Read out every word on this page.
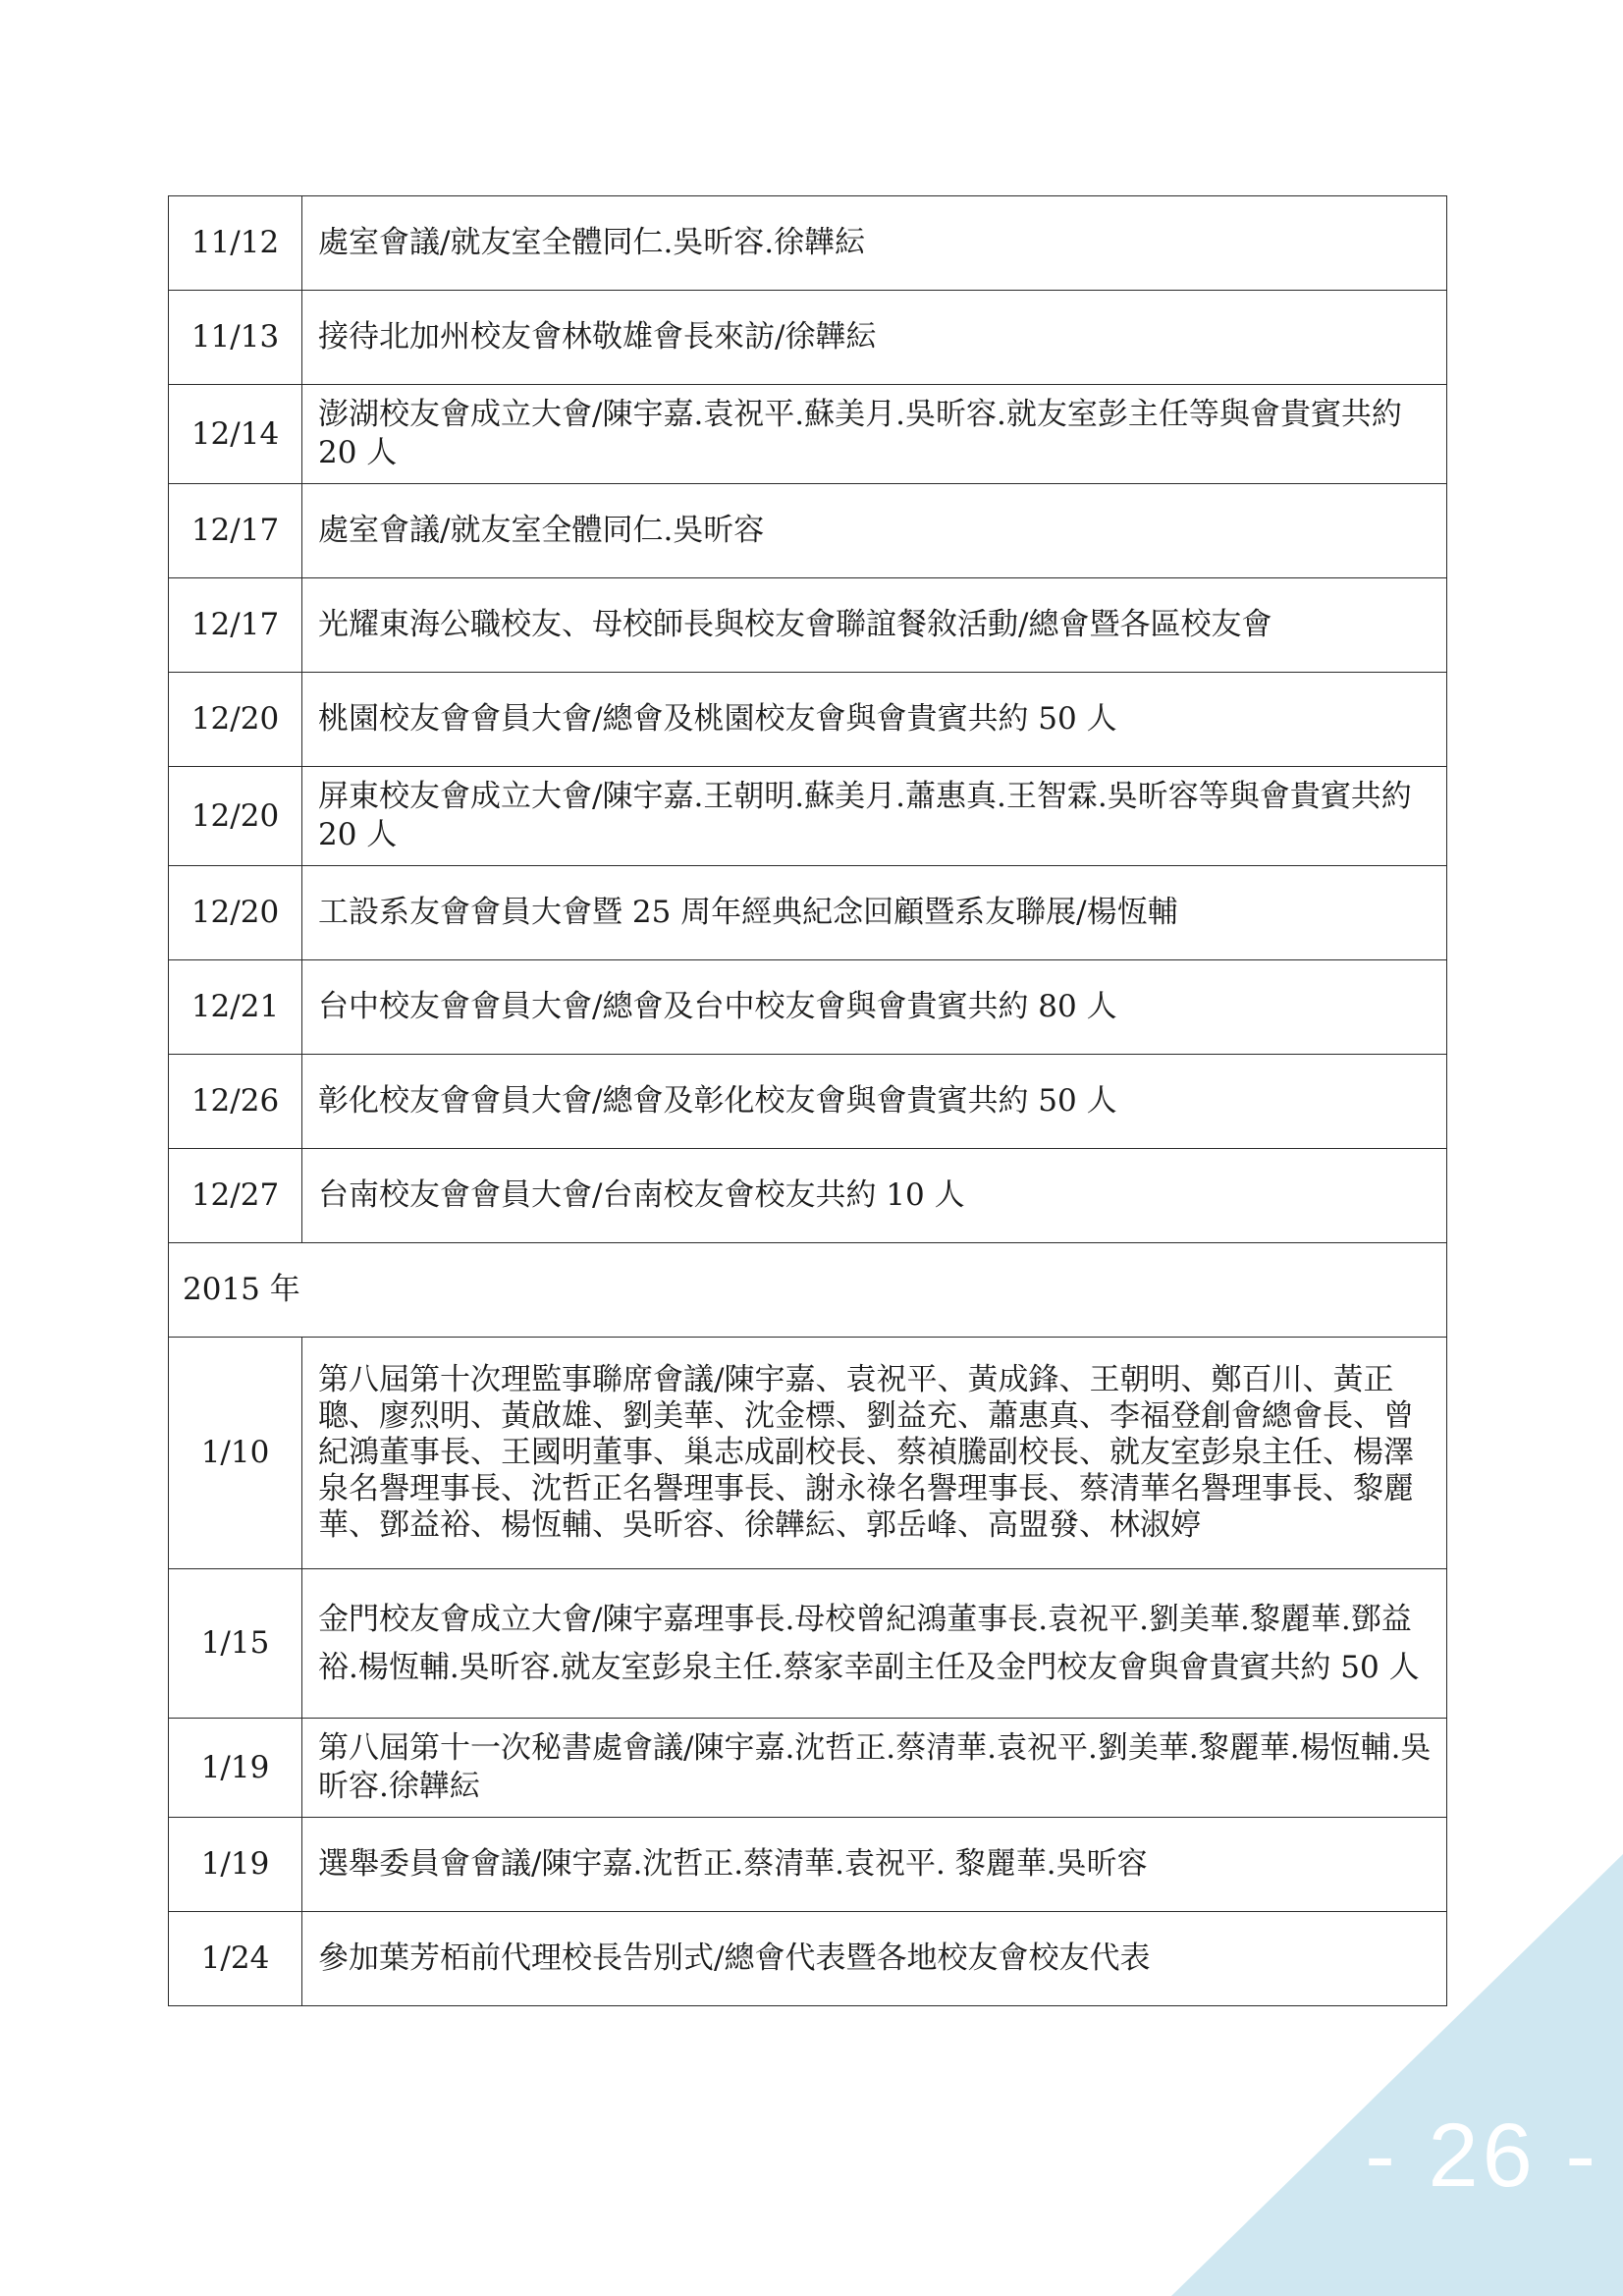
- 26 -
11/12	處室會議/就友室全體同仁.吳昕容.徐韡紜
11/13	接待北加州校友會林敬雄會長來訪/徐韡紜
12/14	澎湖校友會成立大會/陳宇嘉.袁祝平.蘇美月.吳昕容.就友室彭主任等與會貴賓共約 20 人
12/17	處室會議/就友室全體同仁.吳昕容
12/17	光耀東海公職校友、母校師長與校友會聯誼餐敘活動/總會暨各區校友會
12/20	桃園校友會會員大會/總會及桃園校友會與會貴賓共約 50 人
12/20	屏東校友會成立大會/陳宇嘉.王朝明.蘇美月.蕭惠真.王智霖.吳昕容等與會貴賓共約 20 人
12/20	工設系友會會員大會暨 25 周年經典紀念回顧暨系友聯展/楊恆輔
12/21	台中校友會會員大會/總會及台中校友會與會貴賓共約 80 人
12/26	彰化校友會會員大會/總會及彰化校友會與會貴賓共約 50 人
12/27	台南校友會會員大會/台南校友會校友共約 10 人
2015 年	
1/10	第八屆第十次理監事聯席會議/陳宇嘉、袁祝平、黃成鋒、王朝明、鄭百川、黃正聰、廖烈明、黃啟雄、劉美華、沈金標、劉益充、蕭惠真、李福登創會總會長、曾紀鴻董事長、王國明董事、巢志成副校長、蔡禎騰副校長、就友室彭泉主任、楊澤泉名譽理事長、沈哲正名譽理事長、謝永祿名譽理事長、蔡清華名譽理事長、黎麗華、鄧益裕、楊恆輔、吳昕容、徐韡紜、郭岳峰、高盟發、林淑婷
1/15	金門校友會成立大會/陳宇嘉理事長.母校曾紀鴻董事長.袁祝平.劉美華.黎麗華.鄧益裕.楊恆輔.吳昕容.就友室彭泉主任.蔡家幸副主任及金門校友會與會貴賓共約 50 人
1/19	第八屆第十一次秘書處會議/陳宇嘉.沈哲正.蔡清華.袁祝平.劉美華.黎麗華.楊恆輔.吳昕容.徐韡紜
1/19	選舉委員會會議/陳宇嘉.沈哲正.蔡清華.袁祝平. 黎麗華.吳昕容
1/24	參加葉芳栢前代理校長告別式/總會代表暨各地校友會校友代表
